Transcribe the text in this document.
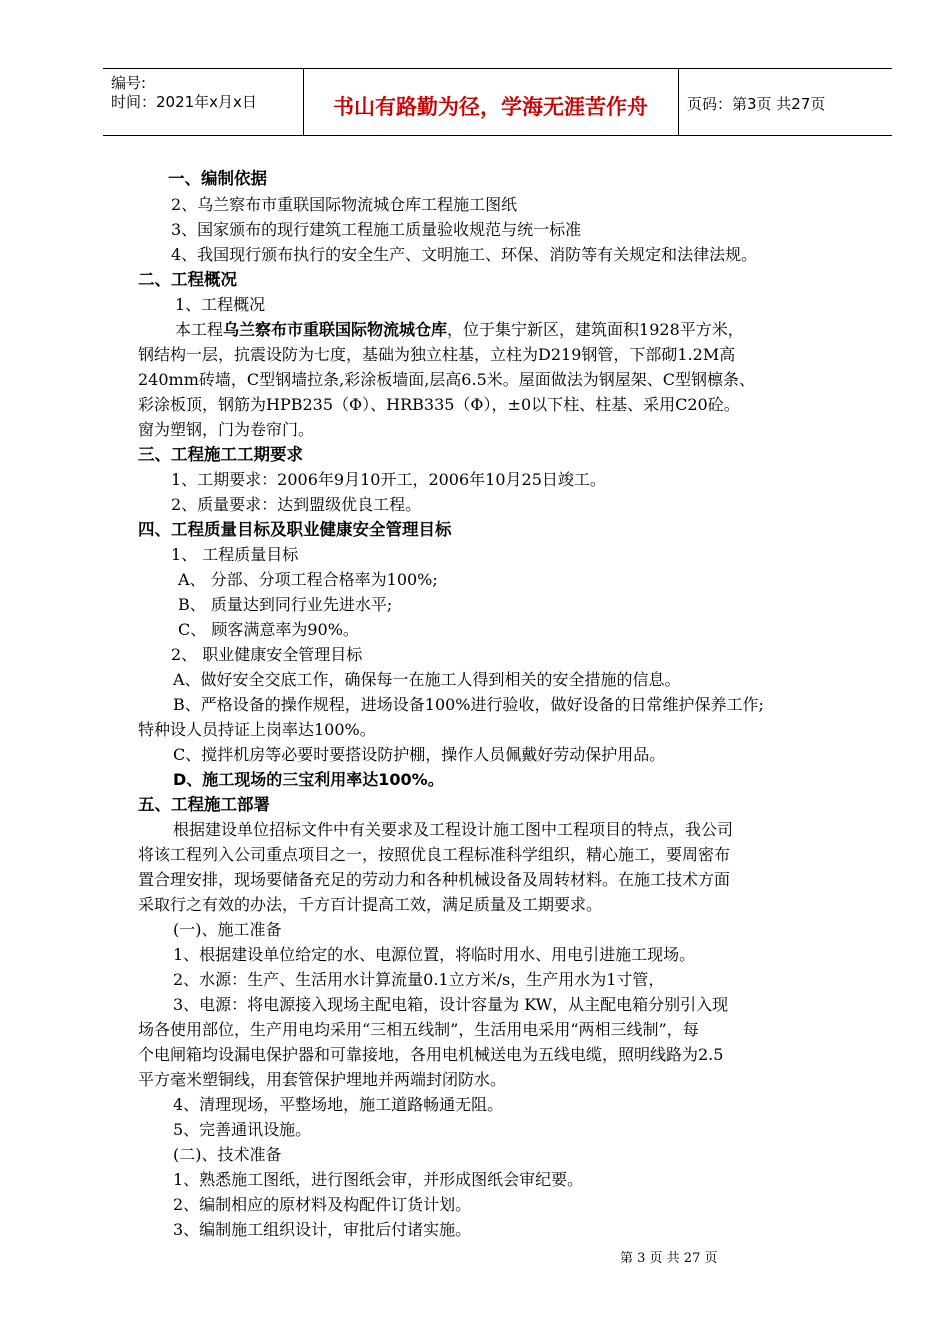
编号:
时间：2021年x月x日	书山有路勤为径，学海无涯苦作舟	页码：第3页 共27页
一、编制依据
2、乌兰察布市重联国际物流城仓库工程施工图纸
3、国家颁布的现行建筑工程施工质量验收规范与统一标准
4、我国现行颁布执行的安全生产、文明施工、环保、消防等有关规定和法律法规。
二、工程概况
1、工程概况
本工程乌兰察布市重联国际物流城仓库，位于集宁新区，建筑面积1928平方米，
钢结构一层，抗震设防为七度，基础为独立柱基，立柱为D219钢管，下部砌1.2M高
240mm砖墙，C型钢墙拉条,彩涂板墙面,层高6.5米。屋面做法为钢屋架、C型钢檩条、
彩涂板顶，钢筋为HPB235（Φ）、HRB335（Φ），±0以下柱、柱基、采用C20砼。
窗为塑钢，门为卷帘门。
三、工程施工工期要求
1、工期要求：2006年9月10开工，2006年10月25日竣工。
2、质量要求：达到盟级优良工程。
四、工程质量目标及职业健康安全管理目标
1、 工程质量目标
A、 分部、分项工程合格率为100%;
B、 质量达到同行业先进水平;
C、 顾客满意率为90%。
2、 职业健康安全管理目标
A、做好安全交底工作，确保每一在施工人得到相关的安全措施的信息。
B、严格设备的操作规程，进场设备100%进行验收，做好设备的日常维护保养工作;
特种设人员持证上岗率达100%。
C、搅拌机房等必要时要搭设防护棚，操作人员佩戴好劳动保护用品。
D、施工现场的三宝利用率达100%。
五、工程施工部署
根据建设单位招标文件中有关要求及工程设计施工图中工程项目的特点，我公司
将该工程列入公司重点项目之一，按照优良工程标准科学组织，精心施工，要周密布
置合理安排，现场要储备充足的劳动力和各种机械设备及周转材料。在施工技术方面
采取行之有效的办法，千方百计提高工效，满足质量及工期要求。
(一)、施工准备
1、根据建设单位给定的水、电源位置，将临时用水、用电引进施工现场。
2、水源：生产、生活用水计算流量0.1立方米/s，生产用水为1寸管，
3、电源：将电源接入现场主配电箱，设计容量为 KW，从主配电箱分别引入现
场各使用部位，生产用电均采用“三相五线制”，生活用电采用“两相三线制”，每
个电闸箱均设漏电保护器和可靠接地，各用电机械送电为五线电缆，照明线路为2.5
平方毫米塑铜线，用套管保护埋地并两端封闭防水。
4、清理现场，平整场地，施工道路畅通无阻。
5、完善通讯设施。
(二)、技术准备
1、熟悉施工图纸，进行图纸会审，并形成图纸会审纪要。
2、编制相应的原材料及构配件订货计划。
3、编制施工组织设计，审批后付诸实施。
第 3 页 共 27 页
